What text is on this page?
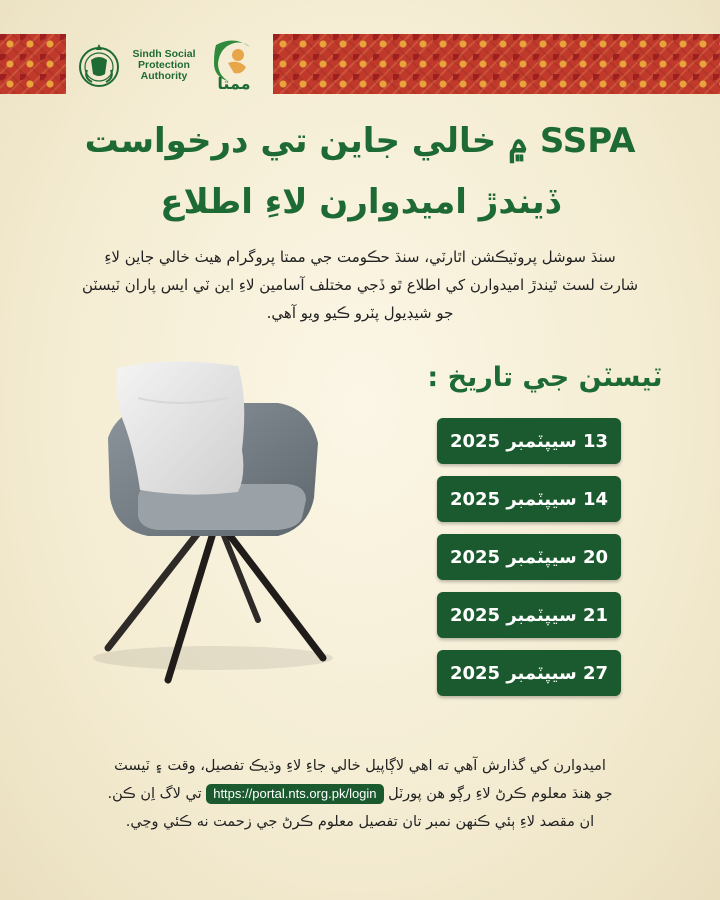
Sindh Social
Protection
Authority	ممتا
SSPA ۾ خالي جاين تي درخواست
ڏيندڙ اميدوارن لاءِ اطلاع
سنڌ سوشل پروٽيڪشن اٿارٽي، سنڌ حڪومت جي ممتا پروگرام هيٺ خالي جاين لاءِ
شارٽ لسٽ ٿيندڙ اميدوارن کي اطلاع ٿو ڏجي مختلف آسامين لاءِ اين ٽي ايس پاران ٽيسٽن
جو شيڊيول پٽرو ڪيو ويو آهي.
ٽيسٽن جي تاريخ :
13 سيپٽمبر 2025
14 سيپٽمبر 2025
20 سيپٽمبر 2025
21 سيپٽمبر 2025
27 سيپٽمبر 2025
اميدوارن کي گذارش آهي ته اهي لاڳاپيل خالي جاءِ لاءِ وڌيڪ تفصيل، وقت ۽ ٽيسٽ
جو هنڌ معلوم ڪرڻ لاءِ رڳو هن پورٽل https://portal.nts.org.pk/login تي لاگ اِن ڪن.
ان مقصد لاءِ ٻئي ڪنهن نمبر تان تفصيل معلوم ڪرڻ جي زحمت نه ڪئي وڃي.
